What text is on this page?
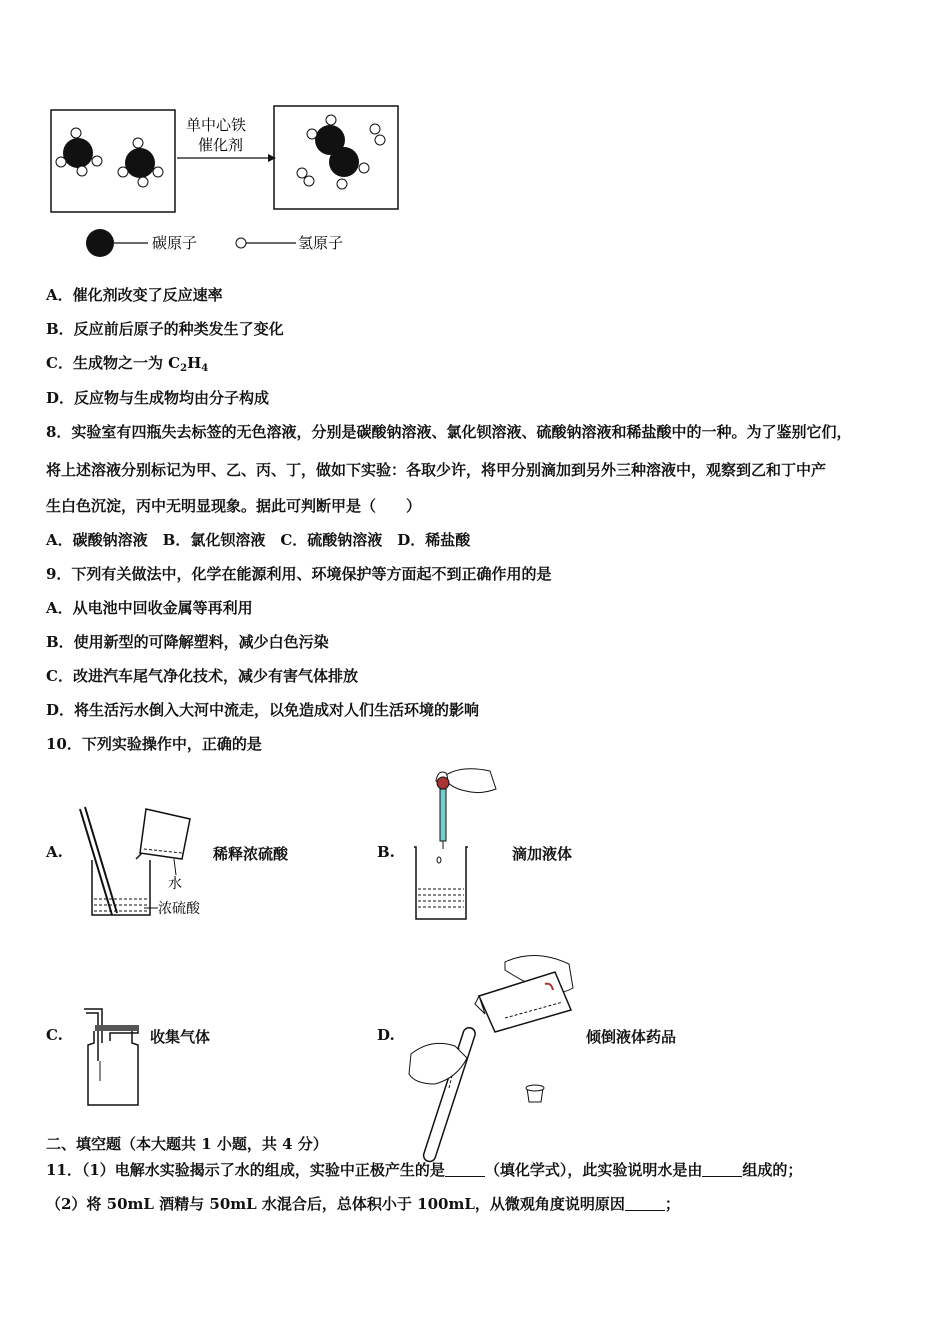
单中心铁
催化剂
碳原子	氢原子
A．催化剂改变了反应速率
B．反应前后原子的种类发生了变化
C．生成物之一为 $C_2H_4$
D．反应物与生成物均由分子构成
8．实验室有四瓶失去标签的无色溶液，分别是碳酸钠溶液、氯化钡溶液、硫酸钠溶液和稀盐酸中的一种。为了鉴别它们，
将上述溶液分别标记为甲、乙、丙、丁，做如下实验：各取少许，将甲分别滴加到另外三种溶液中，观察到乙和丁中产
生白色沉淀，丙中无明显现象。据此可判断甲是（　　）
A．碳酸钠溶液　B．氯化钡溶液　C．硫酸钠溶液　D．稀盐酸
9．下列有关做法中，化学在能源利用、环境保护等方面起不到正确作用的是
A．从电池中回收金属等再利用
B．使用新型的可降解塑料，减少白色污染
C．改进汽车尾气净化技术，减少有害气体排放
D．将生活污水倒入大河中流走，以免造成对人们生活环境的影响
10．下列实验操作中，正确的是
A.
水
浓硫酸
稀释浓硫酸	B.	滴加液体
C.	收集气体	D.	倾倒液体药品
二、填空题（本大题共 1 小题，共 4 分）
11．（1）电解水实验揭示了水的组成，实验中正极产生的是	（填化学式），此实验说明水是由	组成的；
（2）将 50mL 酒精与 50mL 水混合后，总体积小于 100mL，从微观角度说明原因	；
